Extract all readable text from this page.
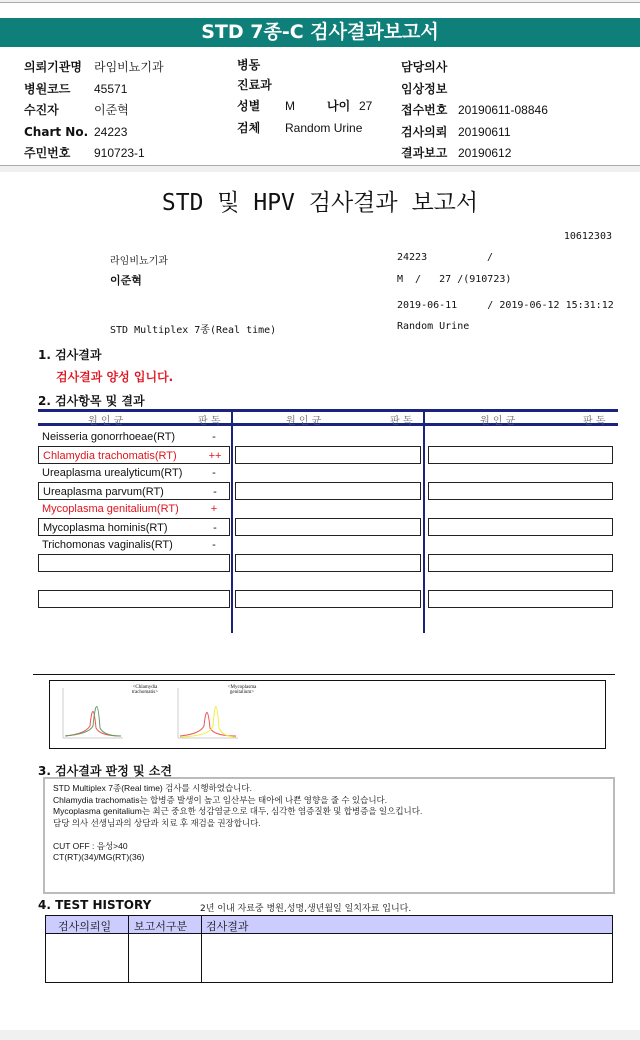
STD 7종-C 검사결과보고서
의뢰기관명 라임비뇨기과
병원코드 45571
수진자	이준혁
Chart No. 24223
주민번호 910723-1
병동
진료과
성별 M	나이 27
검체 Random Urine
담당의사
임상정보
접수번호 20190611-08846
검사의뢰 20190611
결과보고 20190612
STD 및 HPV 검사결과 보고서
10612303
라임비뇨기과	24223	/
이준혁	M  /   27 /(910723)
2019-06-11     / 2019-06-12 15:31:12
STD Multiplex 7종(Real time)	Random Urine
1. 검사결과
검사결과 양성 입니다.
2. 검사항목 및 결과
원 인 균	판 독	원 인 균	판 독	원 인 균	판 독
Neisseria gonorrhoeae(RT)	-
Chlamydia trachomatis(RT)	++
Ureaplasma urealyticum(RT)	-
Ureaplasma parvum(RT)	-
Mycoplasma genitalium(RT)	+
Mycoplasma hominis(RT)	-
Trichomonas vaginalis(RT)	-
<Chlamydia trachomatis>
<Mycoplasma genitalium>
3. 검사결과 판정 및 소견
STD Multiplex 7종(Real time) 검사를 시행하였습니다.
Chlamydia trachomatis는 합병증 발생이 높고 임산부는 태아에 나쁜 영향을 줄 수 있습니다.
Mycoplasma genitalium는 최근 중요한 성감염균으로 대두, 심각한 염증질환 및 합병증을 일으킵니다.
담당 의사 선생님과의 상담과 치료 후 재검을 권장합니다.
CUT OFF : 음성>40
CT(RT)(34)/MG(RT)(36)
4. TEST HISTORY	2년 이내 자료중 병원,성명,생년월일 일치자료 입니다.
검사의뢰일 보고서구분 검사결과
